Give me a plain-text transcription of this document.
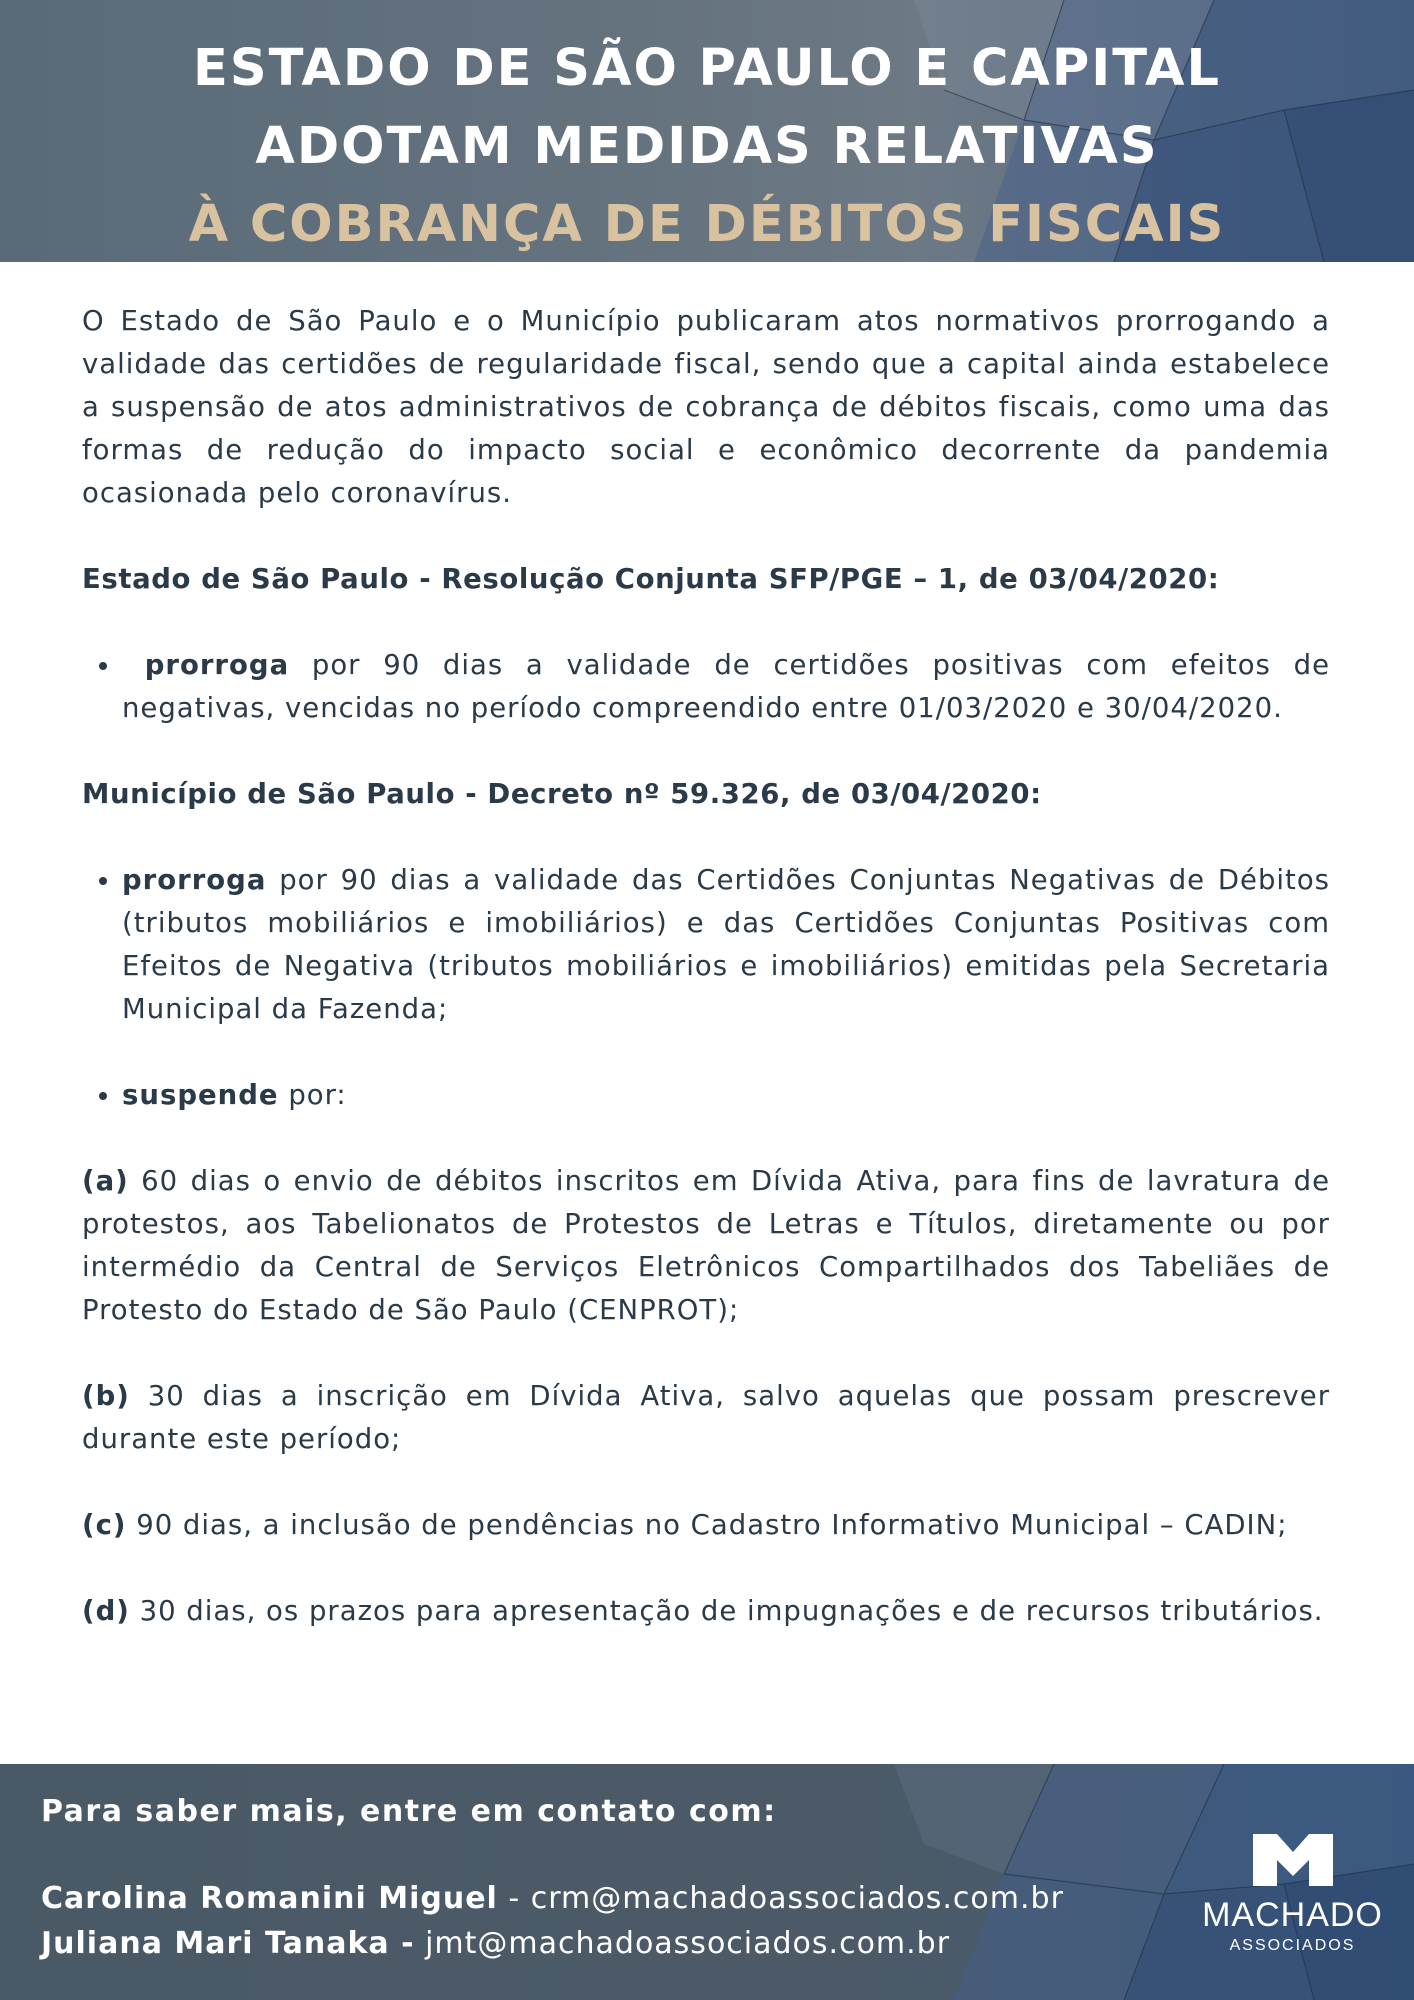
ESTADO DE SÃO PAULO E CAPITAL
ADOTAM MEDIDAS RELATIVAS
À COBRANÇA DE DÉBITOS FISCAIS

O Estado de São Paulo e o Município publicaram atos normativos prorrogando a validade das certidões de regularidade fiscal, sendo que a capital ainda estabelece a suspensão de atos administrativos de cobrança de débitos fiscais, como uma das formas de redução do impacto social e econômico decorrente da pandemia ocasionada pelo coronavírus.

Estado de São Paulo - Resolução Conjunta SFP/PGE – 1, de 03/04/2020:
• prorroga por 90 dias a validade de certidões positivas com efeitos de negativas, vencidas no período compreendido entre 01/03/2020 e 30/04/2020.
Município de São Paulo - Decreto nº 59.326, de 03/04/2020:
• prorroga por 90 dias a validade das Certidões Conjuntas Negativas de Débitos (tributos mobiliários e imobiliários) e das Certidões Conjuntas Positivas com Efeitos de Negativa (tributos mobiliários e imobiliários) emitidas pela Secretaria Municipal da Fazenda;
• suspende por:

(a) 60 dias o envio de débitos inscritos em Dívida Ativa, para fins de lavratura de protestos, aos Tabelionatos de Protestos de Letras e Títulos, diretamente ou por intermédio da Central de Serviços Eletrônicos Compartilhados dos Tabeliães de Protesto do Estado de São Paulo (CENPROT);

(b) 30 dias a inscrição em Dívida Ativa, salvo aquelas que possam prescrever durante este período;

(c) 90 dias, a inclusão de pendências no Cadastro Informativo Municipal – CADIN;

(d) 30 dias, os prazos para apresentação de impugnações e de recursos tributários.

Para saber mais, entre em contato com:
Carolina Romanini Miguel - crm@machadoassociados.com.br
Juliana Mari Tanaka - jmt@machadoassociados.com.br
MACHADO
ASSOCIADOS
